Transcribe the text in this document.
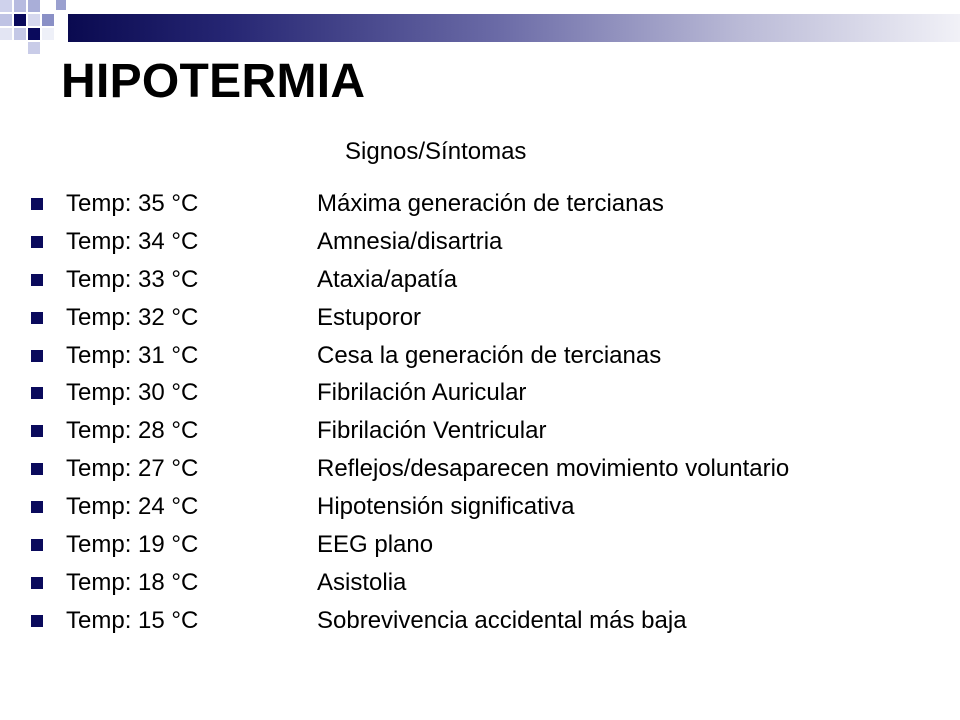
HIPOTERMIA
Signos/Síntomas
Temp: 35 °C	Máxima generación de tercianas
Temp: 34 °C	Amnesia/disartria
Temp: 33 °C	Ataxia/apatía
Temp: 32 °C	Estuporor
Temp: 31 °C	Cesa la generación de tercianas
Temp: 30 °C	Fibrilación Auricular
Temp: 28 °C	Fibrilación Ventricular
Temp: 27 °C	Reflejos/desaparecen movimiento voluntario
Temp: 24 °C	Hipotensión significativa
Temp: 19 °C	EEG plano
Temp: 18 °C	Asistolia
Temp: 15 °C	Sobrevivencia accidental más baja
